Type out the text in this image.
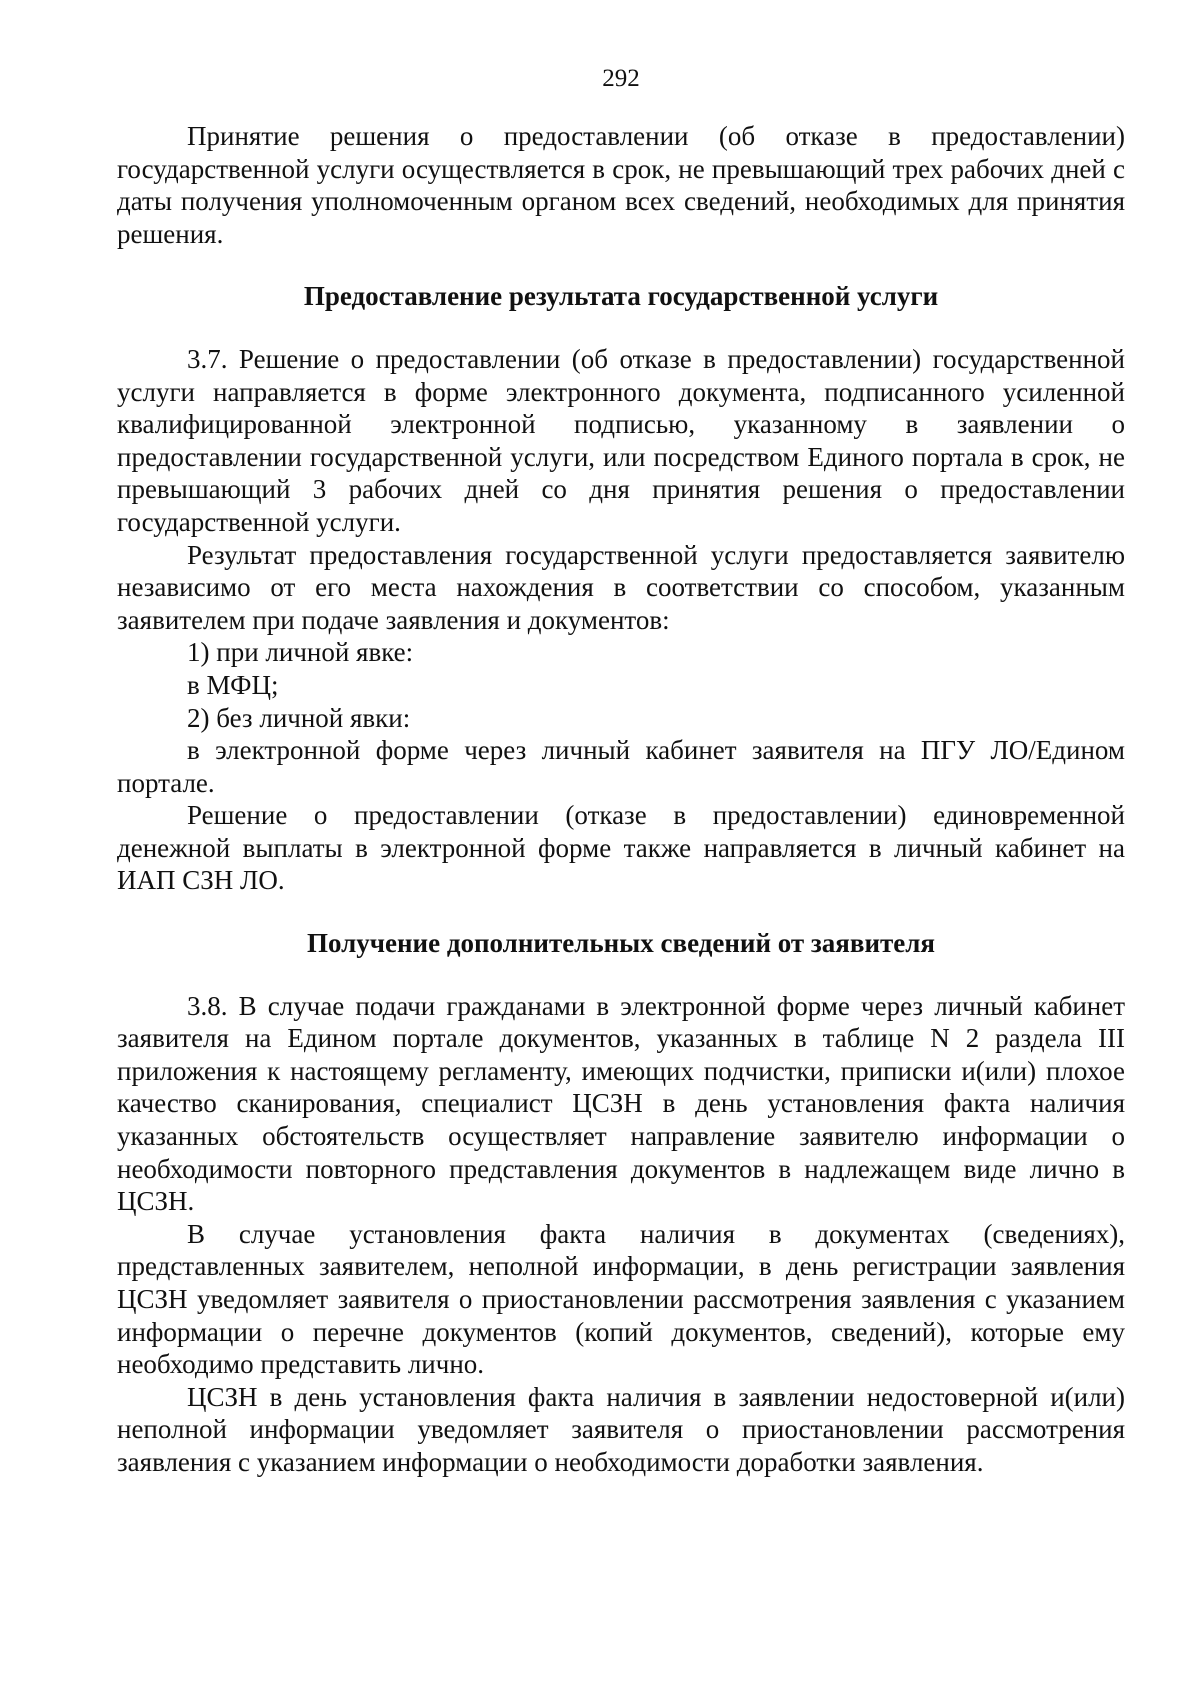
292

Принятие решения о предоставлении (об отказе в предоставлении) государственной услуги осуществляется в срок, не превышающий трех рабочих дней с даты получения уполномоченным органом всех сведений, необходимых для принятия решения.

Предоставление результата государственной услуги

3.7. Решение о предоставлении (об отказе в предоставлении) государственной услуги направляется в форме электронного документа, подписанного усиленной квалифицированной электронной подписью, указанному в заявлении о предоставлении государственной услуги, или посредством Единого портала в срок, не превышающий 3 рабочих дней со дня принятия решения о предоставлении государственной услуги.

Результат предоставления государственной услуги предоставляется заявителю независимо от его места нахождения в соответствии со способом, указанным заявителем при подаче заявления и документов:

1) при личной явке:

в МФЦ;

2) без личной явки:

в электронной форме через личный кабинет заявителя на ПГУ ЛО/Едином портале.

Решение о предоставлении (отказе в предоставлении) единовременной денежной выплаты в электронной форме также направляется в личный кабинет на ИАП СЗН ЛО.

Получение дополнительных сведений от заявителя

3.8. В случае подачи гражданами в электронной форме через личный кабинет заявителя на Едином портале документов, указанных в таблице N 2 раздела III приложения к настоящему регламенту, имеющих подчистки, приписки и(или) плохое качество сканирования, специалист ЦСЗН в день установления факта наличия указанных обстоятельств осуществляет направление заявителю информации о необходимости повторного представления документов в надлежащем виде лично в ЦСЗН.

В случае установления факта наличия в документах (сведениях), представленных заявителем, неполной информации, в день регистрации заявления ЦСЗН уведомляет заявителя о приостановлении рассмотрения заявления с указанием информации о перечне документов (копий документов, сведений), которые ему необходимо представить лично.

ЦСЗН в день установления факта наличия в заявлении недостоверной и(или) неполной информации уведомляет заявителя о приостановлении рассмотрения заявления с указанием информации о необходимости доработки заявления.
